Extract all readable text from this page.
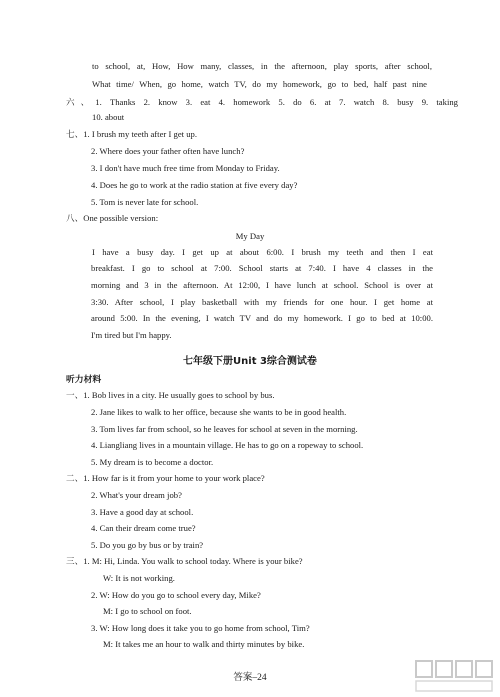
to school, at, How, How many, classes, in the afternoon, play sports, after school,
What time/ When, go home, watch TV, do my homework, go to bed, half past nine
六、1. Thanks 2. know 3. eat 4. homework 5. do 6. at 7. watch 8. busy 9. taking
10. about
七、1. I brush my teeth after I get up.
2. Where does your father often have lunch?
3. I don't have much free time from Monday to Friday.
4. Does he go to work at the radio station at five every day?
5. Tom is never late for school.
八、One possible version:
My Day
I have a busy day. I get up at about 6:00. I brush my teeth and then I eat
breakfast. I go to school at 7:00. School starts at 7:40. I have 4 classes in the
morning and 3 in the afternoon. At 12:00, I have lunch at school. School is over at
3:30. After school, I play basketball with my friends for one hour. I get home at
around 5:00. In the evening, I watch TV and do my homework. I go to bed at 10:00.
I'm tired but I'm happy.
七年级下册Unit 3综合测试卷
听力材料
一、1. Bob lives in a city. He usually goes to school by bus.
2. Jane likes to walk to her office, because she wants to be in good health.
3. Tom lives far from school, so he leaves for school at seven in the morning.
4. Liangliang lives in a mountain village. He has to go on a ropeway to school.
5. My dream is to become a doctor.
二、1. How far is it from your home to your work place?
2. What's your dream job?
3. Have a good day at school.
4. Can their dream come true?
5. Do you go by bus or by train?
三、1. M: Hi, Linda. You walk to school today. Where is your bike?
W: It is not working.
2. W: How do you go to school every day, Mike?
M: I go to school on foot.
3. W: How long does it take you to go home from school, Tim?
M: It takes me an hour to walk and thirty minutes by bike.
答案–24
